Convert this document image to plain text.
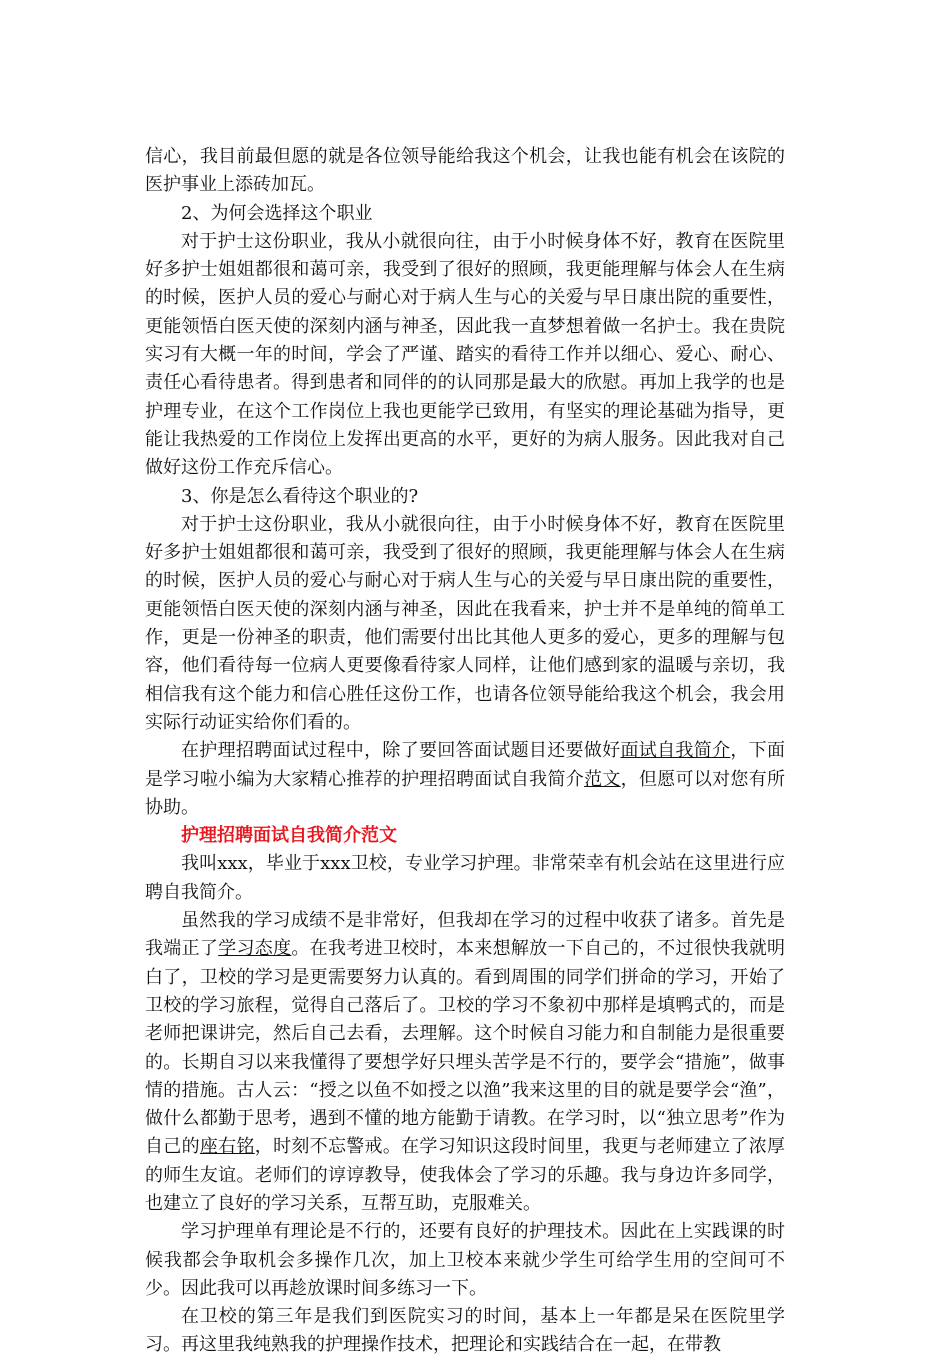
信心，我目前最但愿的就是各位领导能给我这个机会，让我也能有机会在该院的医护事业上添砖加瓦。

2、为何会选择这个职业

对于护士这份职业，我从小就很向往，由于小时候身体不好，教育在医院里好多护士姐姐都很和蔼可亲，我受到了很好的照顾，我更能理解与体会人在生病的时候，医护人员的爱心与耐心对于病人生与心的关爱与早日康出院的重要性，更能领悟白医天使的深刻内涵与神圣，因此我一直梦想着做一名护士。我在贵院实习有大概一年的时间，学会了严谨、踏实的看待工作并以细心、爱心、耐心、责任心看待患者。得到患者和同伴的的认同那是最大的欣慰。再加上我学的也是护理专业，在这个工作岗位上我也更能学已致用，有坚实的理论基础为指导，更能让我热爱的工作岗位上发挥出更高的水平，更好的为病人服务。因此我对自己做好这份工作充斥信心。

3、你是怎么看待这个职业的?

对于护士这份职业，我从小就很向往，由于小时候身体不好，教育在医院里好多护士姐姐都很和蔼可亲，我受到了很好的照顾，我更能理解与体会人在生病的时候，医护人员的爱心与耐心对于病人生与心的关爱与早日康出院的重要性，更能领悟白医天使的深刻内涵与神圣，因此在我看来，护士并不是单纯的简单工作，更是一份神圣的职责，他们需要付出比其他人更多的爱心，更多的理解与包容，他们看待每一位病人更要像看待家人同样，让他们感到家的温暖与亲切，我相信我有这个能力和信心胜任这份工作，也请各位领导能给我这个机会，我会用实际行动证实给你们看的。

在护理招聘面试过程中，除了要回答面试题目还要做好面试自我简介，下面是学习啦小编为大家精心推荐的护理招聘面试自我简介范文，但愿可以对您有所协助。

护理招聘面试自我简介范文

我叫xxx，毕业于xxx卫校，专业学习护理。非常荣幸有机会站在这里进行应聘自我简介。

虽然我的学习成绩不是非常好，但我却在学习的过程中收获了诸多。首先是我端正了学习态度。在我考进卫校时，本来想解放一下自己的，不过很快我就明白了，卫校的学习是更需要努力认真的。看到周围的同学们拼命的学习，开始了卫校的学习旅程，觉得自己落后了。卫校的学习不象初中那样是填鸭式的，而是老师把课讲完，然后自己去看，去理解。这个时候自习能力和自制能力是很重要的。长期自习以来我懂得了要想学好只埋头苦学是不行的，要学会“措施”，做事情的措施。古人云：“授之以鱼不如授之以渔”我来这里的目的就是要学会“渔”，做什么都勤于思考，遇到不懂的地方能勤于请教。在学习时，以“独立思考”作为自己的座右铭，时刻不忘警戒。在学习知识这段时间里，我更与老师建立了浓厚的师生友谊。老师们的谆谆教导，使我体会了学习的乐趣。我与身边许多同学，也建立了良好的学习关系，互帮互助，克服难关。

学习护理单有理论是不行的，还要有良好的护理技术。因此在上实践课的时候我都会争取机会多操作几次，加上卫校本来就少学生可给学生用的空间可不少。因此我可以再趁放课时间多练习一下。

在卫校的第三年是我们到医院实习的时间，基本上一年都是呆在医院里学习。再这里我纯熟我的护理操作技术，把理论和实践结合在一起，在带教
